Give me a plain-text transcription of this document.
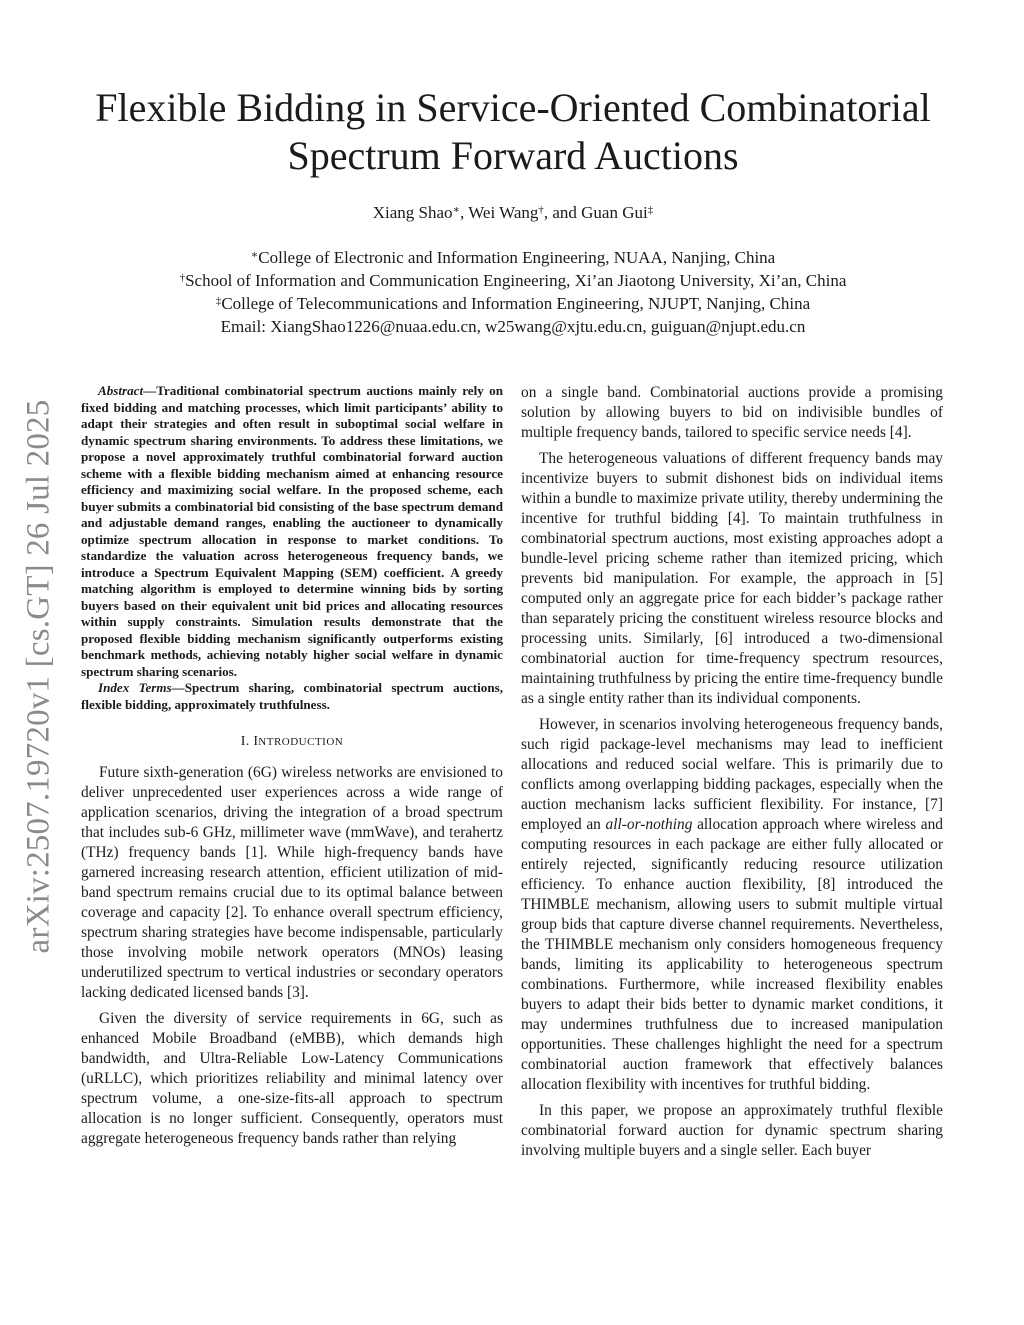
arXiv:2507.19720v1 [cs.GT] 26 Jul 2025
Flexible Bidding in Service-Oriented Combinatorial
Spectrum Forward Auctions
Xiang Shao∗, Wei Wang†, and Guan Gui‡
∗College of Electronic and Information Engineering, NUAA, Nanjing, China
†School of Information and Communication Engineering, Xi’an Jiaotong University, Xi’an, China
‡College of Telecommunications and Information Engineering, NJUPT, Nanjing, China
Email: XiangShao1226@nuaa.edu.cn, w25wang@xjtu.edu.cn, guiguan@njupt.edu.cn

Abstract—Traditional combinatorial spectrum auctions mainly rely on fixed bidding and matching processes, which limit participants’ ability to adapt their strategies and often result in suboptimal social welfare in dynamic spectrum sharing environments. To address these limitations, we propose a novel approximately truthful combinatorial forward auction scheme with a flexible bidding mechanism aimed at enhancing resource efficiency and maximizing social welfare. In the proposed scheme, each buyer submits a combinatorial bid consisting of the base spectrum demand and adjustable demand ranges, enabling the auctioneer to dynamically optimize spectrum allocation in response to market conditions. To standardize the valuation across heterogeneous frequency bands, we introduce a Spectrum Equivalent Mapping (SEM) coefficient. A greedy matching algorithm is employed to determine winning bids by sorting buyers based on their equivalent unit bid prices and allocating resources within supply constraints. Simulation results demonstrate that the proposed flexible bidding mechanism significantly outperforms existing benchmark methods, achieving notably higher social welfare in dynamic spectrum sharing scenarios.

Index Terms—Spectrum sharing, combinatorial spectrum auctions, flexible bidding, approximately truthfulness.

I. INTRODUCTION

Future sixth-generation (6G) wireless networks are envisioned to deliver unprecedented user experiences across a wide range of application scenarios, driving the integration of a broad spectrum that includes sub-6 GHz, millimeter wave (mmWave), and terahertz (THz) frequency bands [1]. While high-frequency bands have garnered increasing research attention, efficient utilization of mid-band spectrum remains crucial due to its optimal balance between coverage and capacity [2]. To enhance overall spectrum efficiency, spectrum sharing strategies have become indispensable, particularly those involving mobile network operators (MNOs) leasing underutilized spectrum to vertical industries or secondary operators lacking dedicated licensed bands [3].

Given the diversity of service requirements in 6G, such as enhanced Mobile Broadband (eMBB), which demands high bandwidth, and Ultra-Reliable Low-Latency Communications (uRLLC), which prioritizes reliability and minimal latency over spectrum volume, a one-size-fits-all approach to spectrum allocation is no longer sufficient. Consequently, operators must aggregate heterogeneous frequency bands rather than relying

on a single band. Combinatorial auctions provide a promising solution by allowing buyers to bid on indivisible bundles of multiple frequency bands, tailored to specific service needs [4].

The heterogeneous valuations of different frequency bands may incentivize buyers to submit dishonest bids on individual items within a bundle to maximize private utility, thereby undermining the incentive for truthful bidding [4]. To maintain truthfulness in combinatorial spectrum auctions, most existing approaches adopt a bundle-level pricing scheme rather than itemized pricing, which prevents bid manipulation. For example, the approach in [5] computed only an aggregate price for each bidder’s package rather than separately pricing the constituent wireless resource blocks and processing units. Similarly, [6] introduced a two-dimensional combinatorial auction for time-frequency spectrum resources, maintaining truthfulness by pricing the entire time-frequency bundle as a single entity rather than its individual components.

However, in scenarios involving heterogeneous frequency bands, such rigid package-level mechanisms may lead to inefficient allocations and reduced social welfare. This is primarily due to conflicts among overlapping bidding packages, especially when the auction mechanism lacks sufficient flexibility. For instance, [7] employed an all-or-nothing allocation approach where wireless and computing resources in each package are either fully allocated or entirely rejected, significantly reducing resource utilization efficiency. To enhance auction flexibility, [8] introduced the THIMBLE mechanism, allowing users to submit multiple virtual group bids that capture diverse channel requirements. Nevertheless, the THIMBLE mechanism only considers homogeneous frequency bands, limiting its applicability to heterogeneous spectrum combinations. Furthermore, while increased flexibility enables buyers to adapt their bids better to dynamic market conditions, it may undermines truthfulness due to increased manipulation opportunities. These challenges highlight the need for a spectrum combinatorial auction framework that effectively balances allocation flexibility with incentives for truthful bidding.

In this paper, we propose an approximately truthful flexible combinatorial forward auction for dynamic spectrum sharing involving multiple buyers and a single seller. Each buyer
